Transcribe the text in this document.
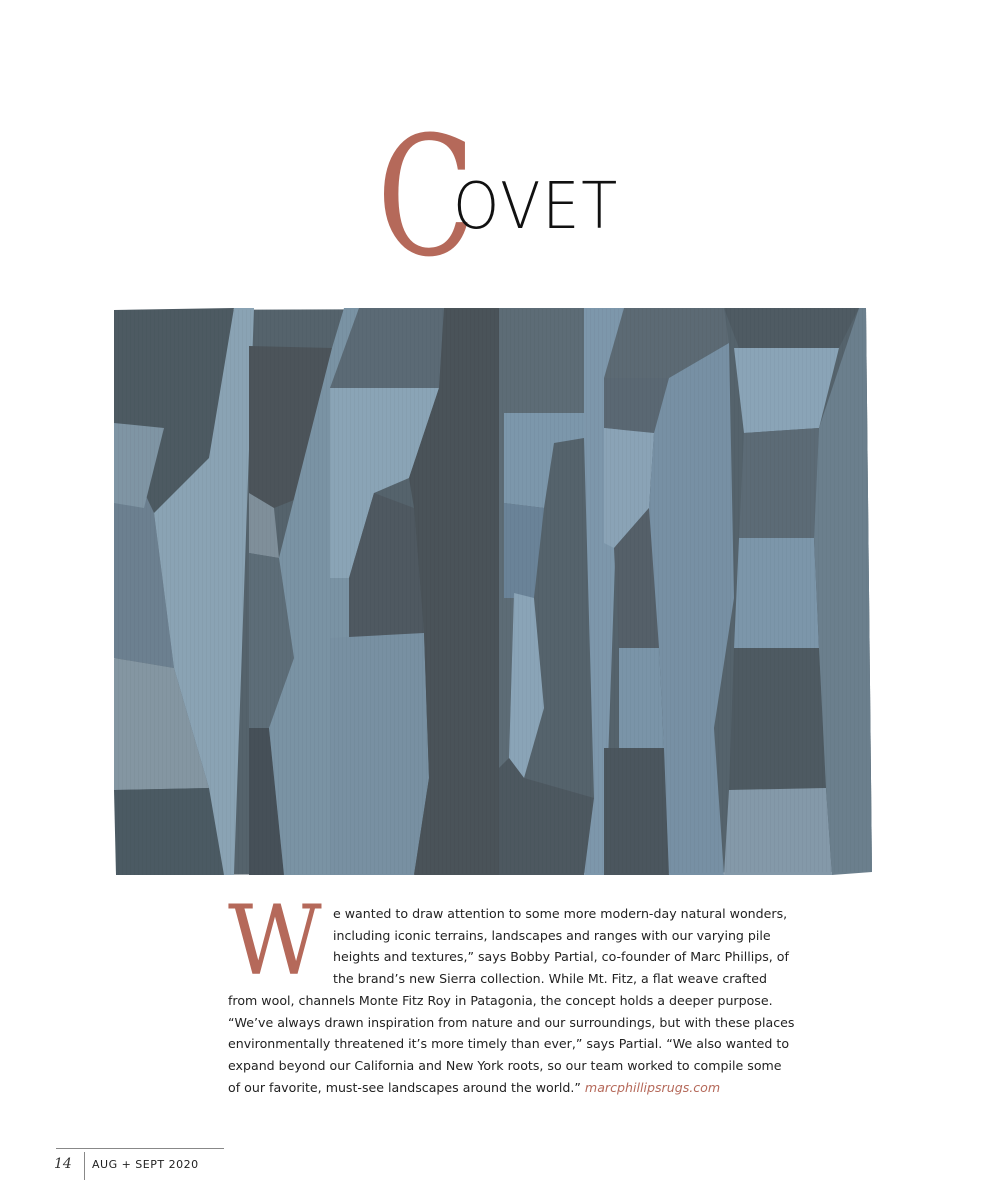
COVET
W e wanted to draw attention to some more modern-day natural wonders,
including iconic terrains, landscapes and ranges with our varying pile
heights and textures,” says Bobby Partial, co-founder of Marc Phillips, of
the brand’s new Sierra collection. While Mt. Fitz, a flat weave crafted
from wool, channels Monte Fitz Roy in Patagonia, the concept holds a deeper purpose.
“We’ve always drawn inspiration from nature and our surroundings, but with these places
environmentally threatened it’s more timely than ever,” says Partial. “We also wanted to
expand beyond our California and New York roots, so our team worked to compile some
of our favorite, must-see landscapes around the world.” marcphillipsrugs.com
14 AUG + SEPT 2020
